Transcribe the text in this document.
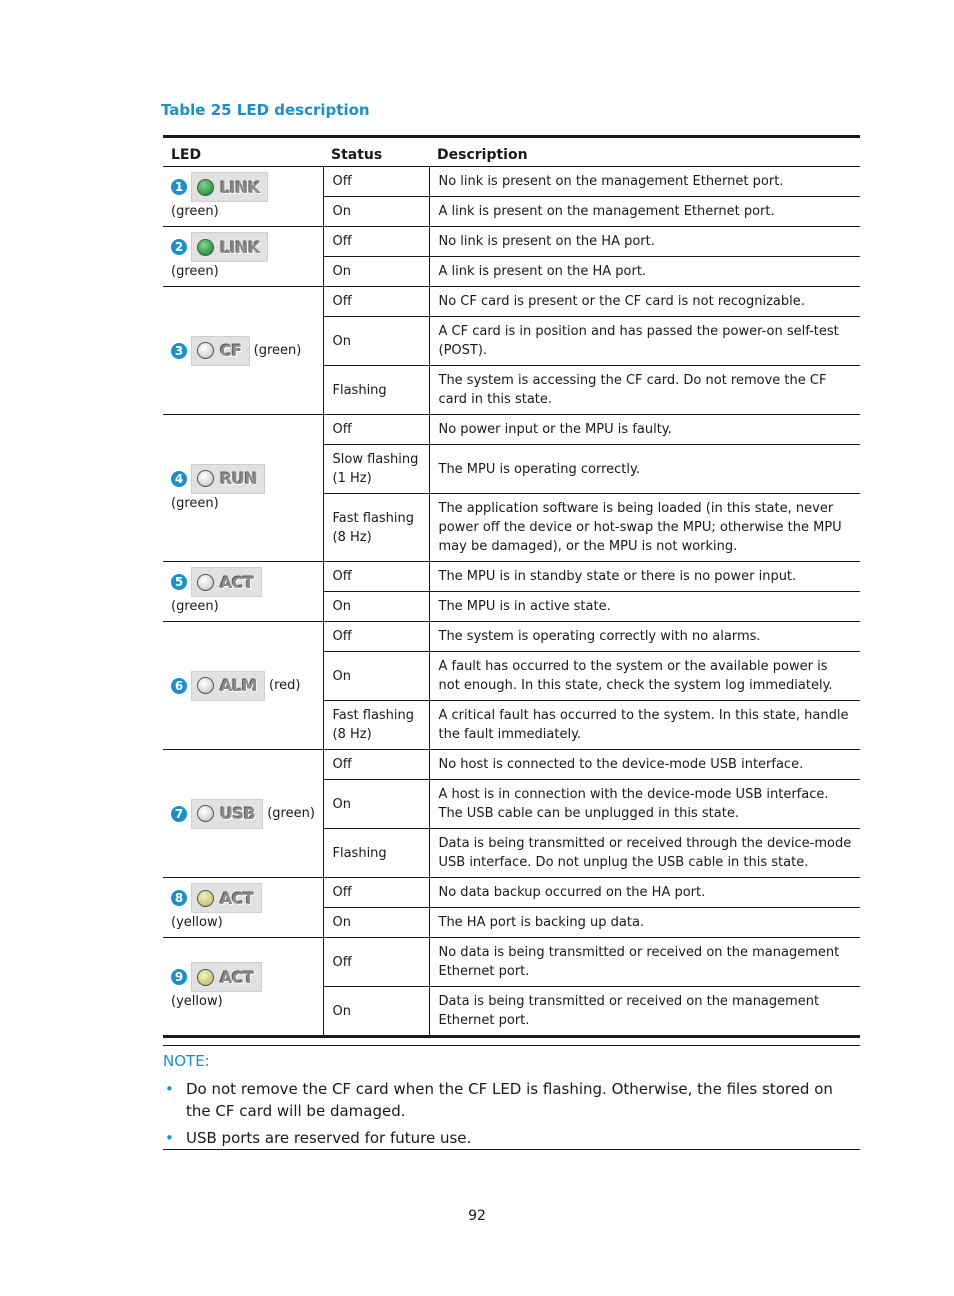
Table 25 LED description
LED	Status	Description

1 LINK
(green)	Off	No link is present on the management Ethernet port.
	On	A link is present on the management Ethernet port.

2 LINK
(green)	Off	No link is present on the HA port.
	On	A link is present on the HA port.

3 CF (green)	Off	No CF card is present or the CF card is not recognizable.
	On	A CF card is in position and has passed the power-on self-test (POST).
	Flashing	The system is accessing the CF card. Do not remove the CF card in this state.

4 RUN
(green)	Off	No power input or the MPU is faulty.
	Slow flashing (1 Hz)	The MPU is operating correctly.
	Fast flashing (8 Hz)	The application software is being loaded (in this state, never power off the device or hot-swap the MPU; otherwise the MPU may be damaged), or the MPU is not working.

5 ACT
(green)	Off	The MPU is in standby state or there is no power input.
	On	The MPU is in active state.

6 ALM (red)	Off	The system is operating correctly with no alarms.
	On	A fault has occurred to the system or the available power is not enough. In this state, check the system log immediately.
	Fast flashing (8 Hz)	A critical fault has occurred to the system. In this state, handle the fault immediately.

7 USB (green)	Off	No host is connected to the device-mode USB interface.
	On	A host is in connection with the device-mode USB interface. The USB cable can be unplugged in this state.
	Flashing	Data is being transmitted or received through the device-mode USB interface. Do not unplug the USB cable in this state.

8 ACT
(yellow)	Off	No data backup occurred on the HA port.
	On	The HA port is backing up data.

9 ACT
(yellow)	Off	No data is being transmitted or received on the management Ethernet port.
	On	Data is being transmitted or received on the management Ethernet port.
NOTE:
• Do not remove the CF card when the CF LED is flashing. Otherwise, the files stored on the CF card will be damaged.
• USB ports are reserved for future use.
92
